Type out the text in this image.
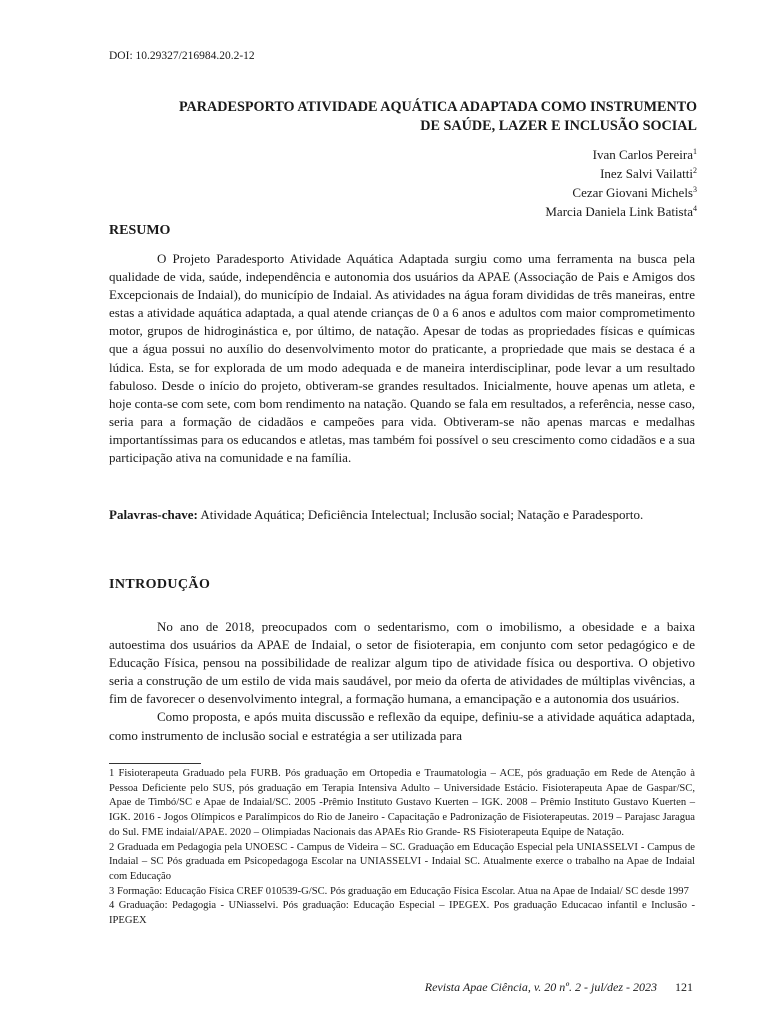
DOI: 10.29327/216984.20.2-12
PARADESPORTO ATIVIDADE AQUÁTICA ADAPTADA COMO INSTRUMENTO
DE SAÚDE, LAZER E INCLUSÃO SOCIAL
Ivan Carlos Pereira$^1$
Inez Salvi Vailatti$^2$
Cezar Giovani Michels$^3$
Marcia Daniela Link Batista$^4$
RESUMO

O Projeto Paradesporto Atividade Aquática Adaptada surgiu como uma ferramenta na busca pela qualidade de vida, saúde, independência e autonomia dos usuários da APAE (Associação de Pais e Amigos dos Excepcionais de Indaial), do município de Indaial. As atividades na água foram divididas de três maneiras, entre estas a atividade aquática adaptada, a qual atende crianças de 0 a 6 anos e adultos com maior comprometimento motor, grupos de hidroginástica e, por último, de natação. Apesar de todas as propriedades físicas e químicas que a água possui no auxílio do desenvolvimento motor do praticante, a propriedade que mais se destaca é a lúdica. Esta, se for explorada de um modo adequada e de maneira interdisciplinar, pode levar a um resultado fabuloso. Desde o início do projeto, obtiveram-se grandes resultados. Inicialmente, houve apenas um atleta, e hoje conta-se com sete, com bom rendimento na natação. Quando se fala em resultados, a referência, nesse caso, seria para a formação de cidadãos e campeões para vida. Obtiveram-se não apenas marcas e medalhas importantíssimas para os educandos e atletas, mas também foi possível o seu crescimento como cidadãos e a sua participação ativa na comunidade e na família.

Palavras-chave: Atividade Aquática; Deficiência Intelectual; Inclusão social; Natação e Paradesporto.

INTRODUÇÃO

No ano de 2018, preocupados com o sedentarismo, com o imobilismo, a obesidade e a baixa autoestima dos usuários da APAE de Indaial, o setor de fisioterapia, em conjunto com setor pedagógico e de Educação Física, pensou na possibilidade de realizar algum tipo de atividade física ou desportiva. O objetivo seria a construção de um estilo de vida mais saudável, por meio da oferta de atividades de múltiplas vivências, a fim de favorecer o desenvolvimento integral, a formação humana, a emancipação e a autonomia dos usuários.

Como proposta, e após muita discussão e reflexão da equipe, definiu-se a atividade aquática adaptada, como instrumento de inclusão social e estratégia a ser utilizada para

1 Fisioterapeuta Graduado pela FURB. Pós graduação em Ortopedia e Traumatologia – ACE, pós graduação em Rede de Atenção à Pessoa Deficiente pelo SUS, pós graduação em Terapia Intensiva Adulto – Universidade Estácio. Fisioterapeuta Apae de Gaspar/SC, Apae de Timbó/SC e Apae de Indaial/SC. 2005 -Prêmio Instituto Gustavo Kuerten – IGK. 2008 – Prêmio Instituto Gustavo Kuerten – IGK. 2016 - Jogos Olímpicos e Paralímpicos do Rio de Janeiro - Capacitação e Padronização de Fisioterapeutas. 2019 – Parajasc Jaragua do Sul. FME indaial/APAE. 2020 – Olimpiadas Nacionais das APAEs Rio Grande- RS Fisioterapeuta Equipe de Natação.

2 Graduada em Pedagogia pela UNOESC - Campus de Videira – SC. Graduação em Educação Especial pela UNIASSELVI - Campus de Indaial – SC Pós graduada em Psicopedagoga Escolar na UNIASSELVI - Indaial SC. Atualmente exerce o trabalho na Apae de Indaial com Educação

3 Formação: Educação Física CREF 010539-G/SC. Pós graduação em Educação Física Escolar. Atua na Apae de Indaial/ SC desde 1997

4 Graduação: Pedagogia - UNiasselvi. Pós graduação: Educação Especial – IPEGEX. Pos graduação Educacao infantil e Inclusão - IPEGEX

Revista Apae Ciência, v. 20 nº. 2 - jul/dez - 2023 121
